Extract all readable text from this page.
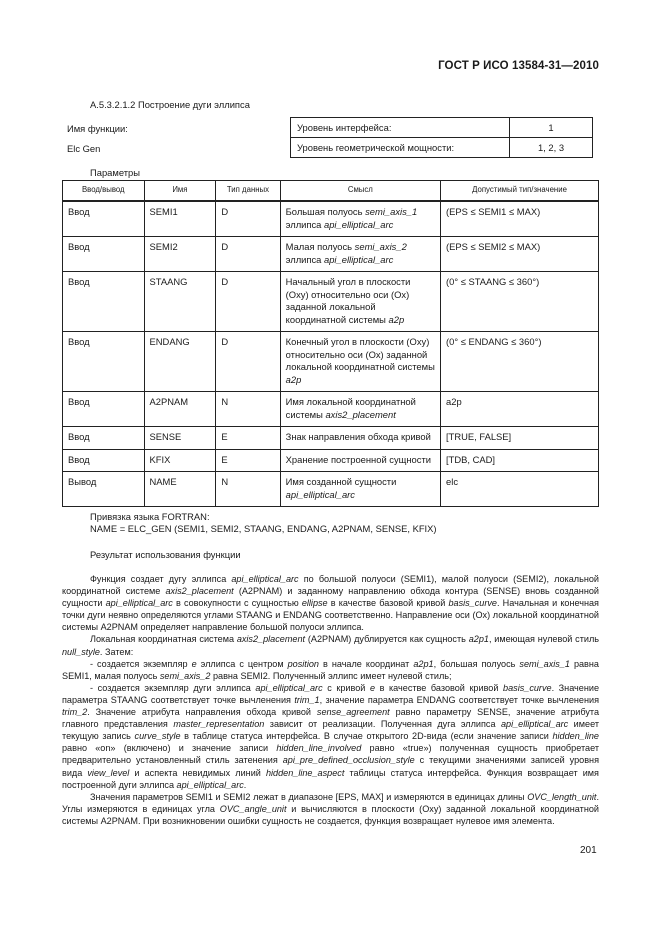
ГОСТ Р ИСО 13584-31—2010
A.5.3.2.1.2 Построение дуги эллипса
Имя функции:
Elc Gen
Уровень интерфейса:	1
Уровень геометрической мощности:	1, 2, 3
Параметры
Ввод/вывод	Имя	Тип данных	Смысл	Допустимый тип/значение
Ввод	SEMI1	D	Большая полуось semi_axis_1 эллипса api_elliptical_arc	(EPS ≤ SEMI1 ≤ MAX)
Ввод	SEMI2	D	Малая полуось semi_axis_2 эллипса api_elliptical_arc	(EPS ≤ SEMI2 ≤ MAX)
Ввод	STAANG	D	Начальный угол в плоскости (Oxy) относительно оси (Ox) заданной локальной координатной системы a2p	(0° ≤ STAANG ≤ 360°)
Ввод	ENDANG	D	Конечный угол в плоскости (Oxy) относительно оси (Ox) заданной локальной координатной системы a2p	(0° ≤ ENDANG ≤ 360°)
Ввод	A2PNAM	N	Имя локальной координатной системы axis2_placement	a2p
Ввод	SENSE	E	Знак направления обхода кривой	[TRUE, FALSE]
Ввод	KFIX	E	Хранение построенной сущности	[TDB, CAD]
Вывод	NAME	N	Имя созданной сущности api_elliptical_arc	elc
Привязка языка FORTRAN:
NAME = ELC_GEN (SEMI1, SEMI2, STAANG, ENDANG, A2PNAM, SENSE, KFIX)
Результат использования функции

Функция создает дугу эллипса api_elliptical_arc по большой полуоси (SEMI1), малой полуоси (SEMI2), локальной координатной системе axis2_placement (A2PNAM) и заданному направлению обхода контура (SENSE) вновь созданной сущности api_elliptical_arc в совокупности с сущностью ellipse в качестве базовой кривой basis_curve. Начальная и конечная точки дуги неявно определяются углами STAANG и ENDANG соответственно. Направление оси (Ox) локальной координатной системы A2PNAM определяет направление большой полуоси эллипса.

Локальная координатная система axis2_placement (A2PNAM) дублируется как сущность a2p1, имеющая нулевой стиль null_style. Затем:

- создается экземпляр e эллипса с центром position в начале координат a2p1, большая полуось semi_axis_1 равна SEMI1, малая полуось semi_axis_2 равна SEMI2. Полученный эллипс имеет нулевой стиль;

- создается экземпляр дуги эллипса api_elliptical_arc с кривой e в качестве базовой кривой basis_curve. Значение параметра STAANG соответствует точке вычленения trim_1, значение параметра ENDANG соответствует точке вычленения trim_2. Значение атрибута направления обхода кривой sense_agreement равно параметру SENSE, значение атрибута главного представления master_representation зависит от реализации. Полученная дуга эллипса api_elliptical_arc имеет текущую запись curve_style в таблице статуса интерфейса. В случае открытого 2D-вида (если значение записи hidden_line равно «on» (включено) и значение записи hidden_line_involved равно «true») полученная сущность приобретает предварительно установленный стиль затенения api_pre_defined_occlusion_style с текущими значениями записей уровня вида view_level и аспекта невидимых линий hidden_line_aspect таблицы статуса интерфейса. Функция возвращает имя построенной дуги эллипса api_elliptical_arc.

Значения параметров SEMI1 и SEMI2 лежат в диапазоне [EPS, MAX] и измеряются в единицах длины OVC_length_unit. Углы измеряются в единицах угла OVC_angle_unit и вычисляются в плоскости (Oxy) заданной локальной координатной системы A2PNAM. При возникновении ошибки сущность не создается, функция возвращает нулевое имя элемента.

201
